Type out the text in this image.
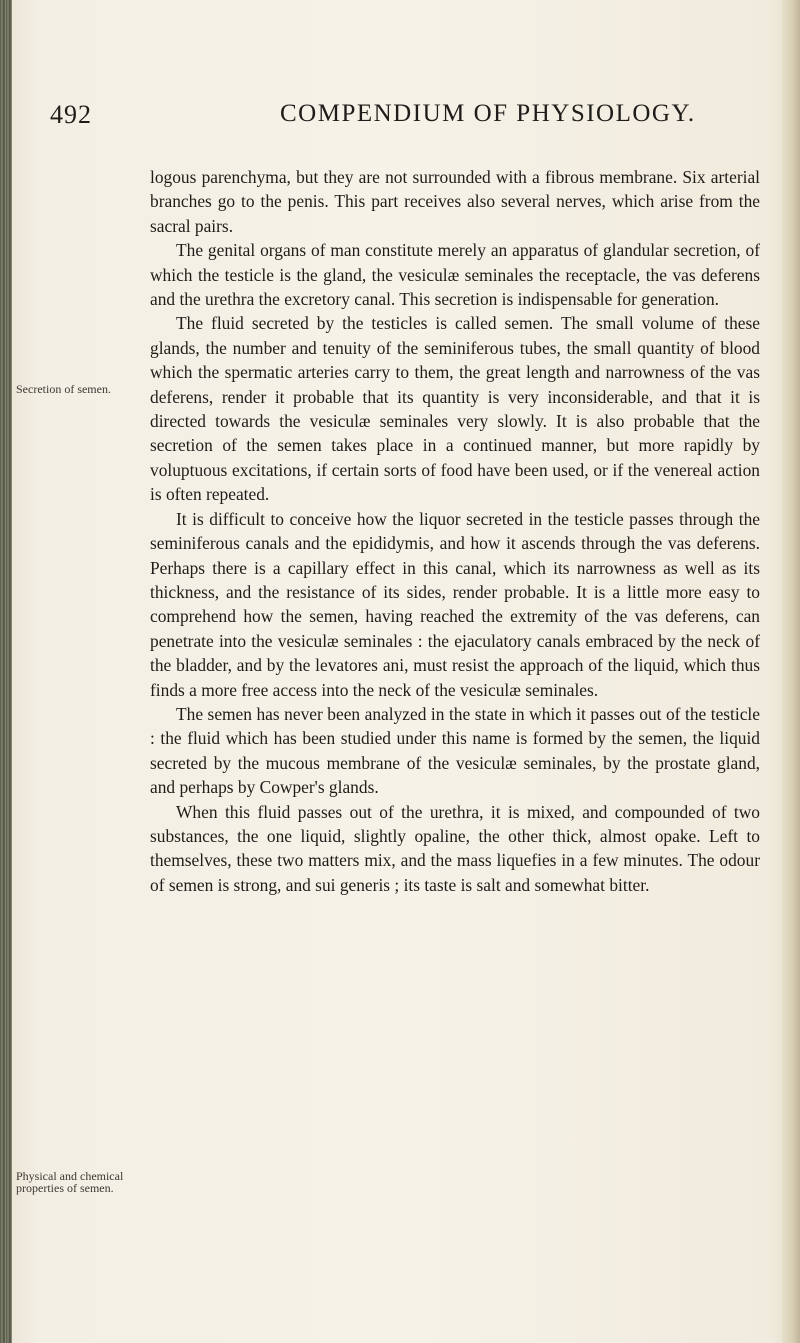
492	COMPENDIUM OF PHYSIOLOGY.
Secretion of semen.
Physical and chemical properties of semen.

logous parenchyma, but they are not surrounded with a fibrous membrane. Six arterial branches go to the penis. This part receives also several nerves, which arise from the sacral pairs.

The genital organs of man constitute merely an apparatus of glandular secretion, of which the testicle is the gland, the vesiculæ seminales the receptacle, the vas deferens and the urethra the excretory canal. This secretion is indispensable for generation.

The fluid secreted by the testicles is called semen. The small volume of these glands, the number and tenuity of the seminiferous tubes, the small quantity of blood which the spermatic arteries carry to them, the great length and narrowness of the vas deferens, render it probable that its quantity is very inconsiderable, and that it is directed towards the vesiculæ seminales very slowly. It is also probable that the secretion of the semen takes place in a continued manner, but more rapidly by voluptuous excitations, if certain sorts of food have been used, or if the venereal action is often repeated.

It is difficult to conceive how the liquor secreted in the testicle passes through the seminiferous canals and the epididymis, and how it ascends through the vas deferens. Perhaps there is a capillary effect in this canal, which its narrowness as well as its thickness, and the resistance of its sides, render probable. It is a little more easy to comprehend how the semen, having reached the extremity of the vas deferens, can penetrate into the vesiculæ seminales : the ejaculatory canals embraced by the neck of the bladder, and by the levatores ani, must resist the approach of the liquid, which thus finds a more free access into the neck of the vesiculæ seminales.

The semen has never been analyzed in the state in which it passes out of the testicle : the fluid which has been studied under this name is formed by the semen, the liquid secreted by the mucous membrane of the vesiculæ seminales, by the prostate gland, and perhaps by Cowper's glands.

When this fluid passes out of the urethra, it is mixed, and compounded of two substances, the one liquid, slightly opaline, the other thick, almost opake. Left to themselves, these two matters mix, and the mass liquefies in a few minutes. The odour of semen is strong, and sui generis ; its taste is salt and somewhat bitter.
